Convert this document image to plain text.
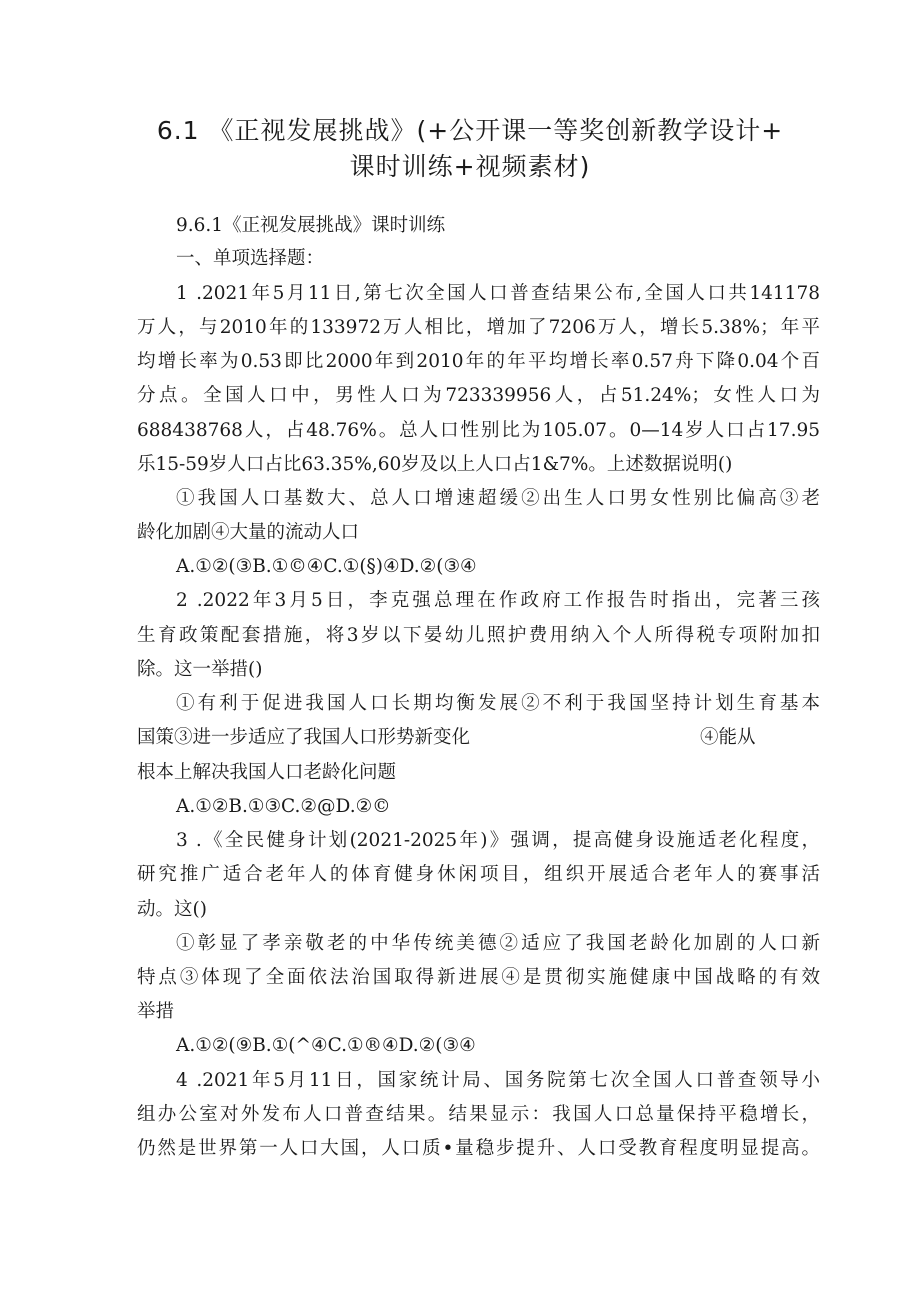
6.1 《正视发展挑战》(+公开课一等奖创新教学设计+
课时训练+视频素材)
9.6.1《正视发展挑战》课时训练
一、单项选择题：
1 .2021年5月11日,第七次全国人口普查结果公布,全国人口共141178
万人，与2010年的133972万人相比，增加了7206万人，增长5.38%；年平
均增长率为0.53即比2000年到2010年的年平均增长率0.57舟下降0.04个百
分点。全国人口中，男性人口为723339956人，占51.24%；女性人口为
688438768人，占48.76%。总人口性别比为105.07。0—14岁人口占17.95
乐15-59岁人口占比63.35%,60岁及以上人口占1&7%。上述数据说明()
①我国人口基数大、总人口增速超缓②出生人口男女性别比偏高③老
龄化加剧④大量的流动人口
A.①②(③B.①©④C.①(§)④D.②(③④
2 .2022年3月5日，李克强总理在作政府工作报告时指出，完著三孩
生育政策配套措施，将3岁以下晏幼儿照护费用纳入个人所得税专项附加扣
除。这一举措()
①有利于促进我国人口长期均衡发展②不利于我国坚持计划生育基本
国策③进一步适应了我国人口形势新变化	④能从
根本上解决我国人口老龄化问题
A.①②B.①③C.②@D.②©
3 .《全民健身计划(2021-2025年)》强调，提高健身设施适老化程度，
研究推广适合老年人的体育健身休闲项目，组织开展适合老年人的赛事活
动。这()
①彰显了孝亲敬老的中华传统美德②适应了我国老龄化加剧的人口新
特点③体现了全面依法治国取得新进展④是贯彻实施健康中国战略的有效
举措
A.①②(⑨B.①(^④C.①®④D.②(③④
4 .2021年5月11日，国家统计局、国务院第七次全国人口普查领导小
组办公室对外发布人口普查结果。结果显示：我国人口总量保持平稳增长，
仍然是世界第一人口大国，人口质•量稳步提升、人口受教育程度明显提高。
